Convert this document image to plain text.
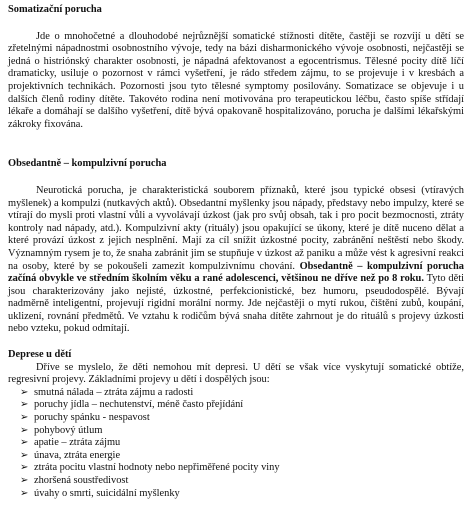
Somatizační porucha

Jde o mnohočetné a dlouhodobé nejrůznější somatické stížnosti dítěte, častěji se rozvíjí u dětí se zřetelnými nápadnostmi osobnostního vývoje, tedy na bázi disharmonického vývoje osobnosti, nejčastěji se jedná o histriónský charakter osobnosti, je nápadná afektovanost a egocentrismus. Tělesné pocity dítě líčí dramaticky, usiluje o pozornost v rámci vyšetření, je rádo středem zájmu, to se projevuje i v kresbách a projektivních technikách. Pozornosti jsou tyto tělesné symptomy posilovány. Somatizace se objevuje i u dalších členů rodiny dítěte. Takovéto rodina není motivována pro terapeutickou léčbu, často spíše střídají lékaře a domáhají se dalšího vyšetření, dítě bývá opakovaně hospitalizováno, porucha je dalšími lékařskými zákroky fixována.

Obsedantně – kompulzivní porucha

Neurotická porucha, je charakteristická souborem příznaků, které jsou typické obsesi (vtíravých myšlenek) a kompulzi (nutkavých aktů). Obsedantní myšlenky jsou nápady, představy nebo impulzy, které se vtírají do mysli proti vlastní vůli a vyvolávají úzkost (jak pro svůj obsah, tak i pro pocit bezmocnosti, ztráty kontroly nad nápady, atd.). Kompulzivní akty (rituály) jsou opakující se úkony, které je dítě nuceno dělat a které provází úzkost z jejich nesplnění. Mají za cíl snížit úzkostné pocity, zabránění neštěstí nebo škody. Významným rysem je to, že snaha zabránit jim se stupňuje v úzkost až paniku a může vést k agresivní reakci na osoby, které by se pokoušeli zamezit kompulzivnímu chování. Obsedantně – kompulzivní porucha začíná obvykle ve středním školním věku a rané adolescenci, většinou ne dříve než po 8 roku. Tyto děti jsou charakterizovány jako nejisté, úzkostné, perfekcionistické, bez humoru, pseudodospělé. Bývají nadměrně inteligentní, projevují rigidní morální normy. Jde nejčastěji o mytí rukou, čištění zubů, koupání, uklizení, rovnání předmětů. Ve vztahu k rodičům bývá snaha dítěte zahrnout je do rituálů s projevy úzkosti nebo vzteku, pokud odmítají.

Deprese u dětí

Dříve se myslelo, že děti nemohou mít depresi. U dětí se však více vyskytují somatické obtíže, regresivní projevy. Základními projevy u dětí i dospělých jsou:

➢ smutná nálada – ztráta zájmu a radosti
➢ poruchy jídla – nechutenství, méně často přejídání
➢ poruchy spánku - nespavost
➢ pohybový útlum
➢ apatie – ztráta zájmu
➢ únava, ztráta energie
➢ ztráta pocitu vlastní hodnoty nebo nepřiměřené pocity viny
➢ zhoršená soustředivost
➢ úvahy o smrti, suicidální myšlenky
